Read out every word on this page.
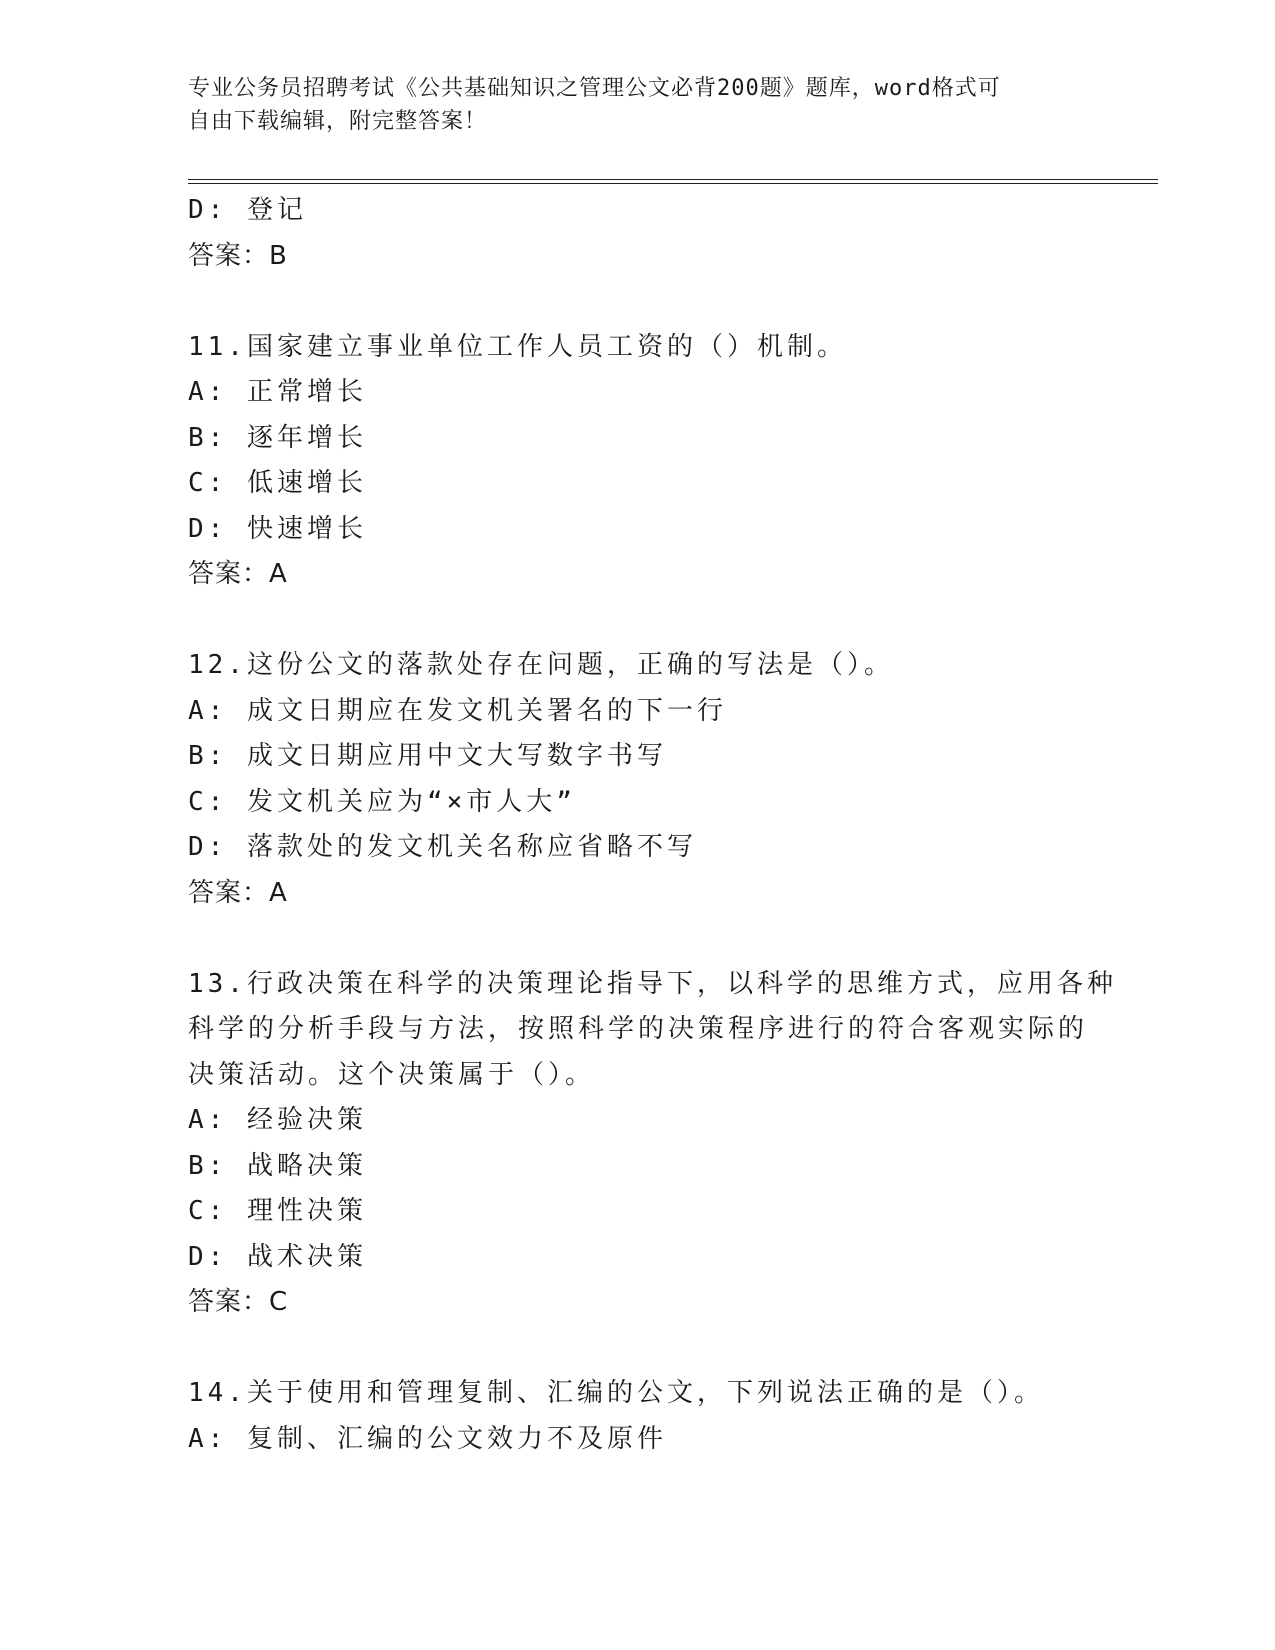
专业公务员招聘考试《公共基础知识之管理公文必背200题》题库，word格式可
自由下载编辑，附完整答案！
D: 登记
答案：B
11.国家建立事业单位工作人员工资的（）机制。
A: 正常增长
B: 逐年增长
C: 低速增长
D: 快速增长
答案：A
12.这份公文的落款处存在问题，正确的写法是（）。
A: 成文日期应在发文机关署名的下一行
B: 成文日期应用中文大写数字书写
C: 发文机关应为“×市人大”
D: 落款处的发文机关名称应省略不写
答案：A
13.行政决策在科学的决策理论指导下，以科学的思维方式，应用各种
科学的分析手段与方法，按照科学的决策程序进行的符合客观实际的
决策活动。这个决策属于（）。
A: 经验决策
B: 战略决策
C: 理性决策
D: 战术决策
答案：C
14.关于使用和管理复制、汇编的公文，下列说法正确的是（）。
A: 复制、汇编的公文效力不及原件
